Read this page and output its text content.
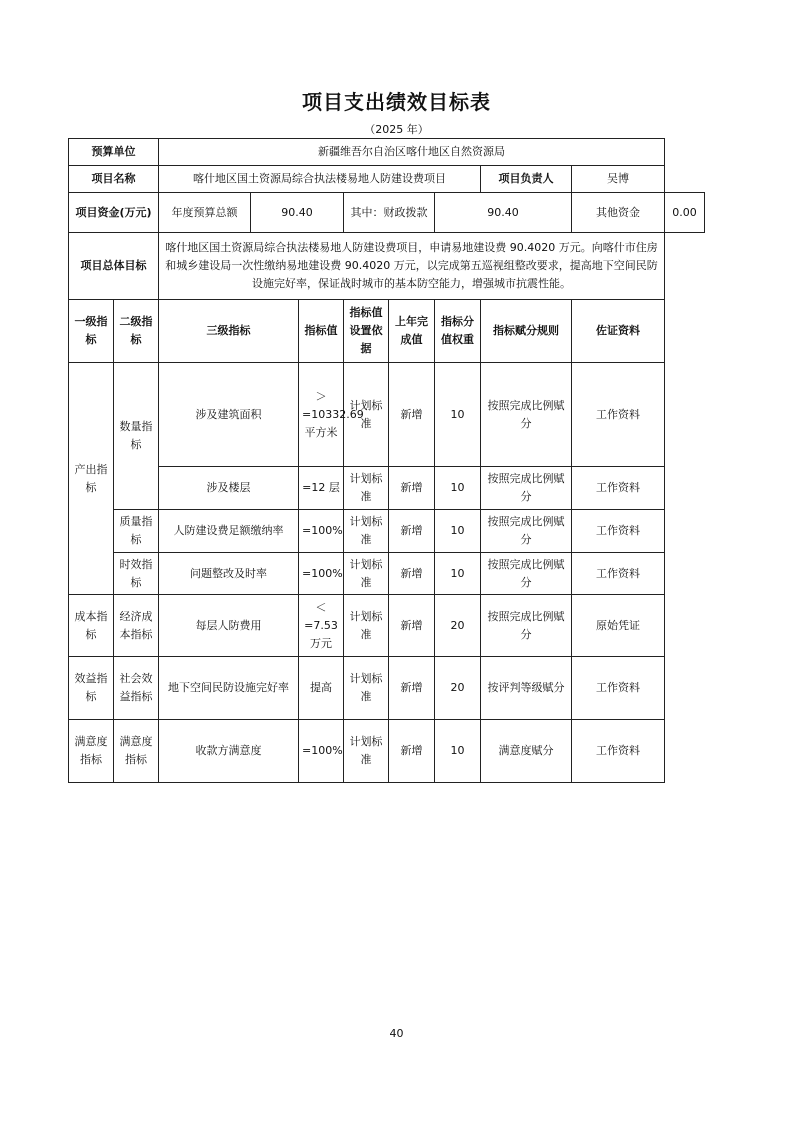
项目支出绩效目标表
（2025 年）
预算单位		新疆维吾尔自治区喀什地区自然资源局								
项目名称		喀什地区国土资源局综合执法楼易地人防建设费项目						项目负责人	吴博	
项目资金(万元)		年度预算总额	90.40		其中：财政拨款		90.40		其他资金	0.00
项目总体目标		喀什地区国土资源局综合执法楼易地人防建设费项目，申请易地建设费 90.4020 万元。向喀什市住房和城乡建设局一次性缴纳易地建设费 90.4020 万元，以完成第五巡视组整改要求，提高地下空间民防设施完好率，保证战时城市的基本防空能力，增强城市抗震性能。								
一级指标	二级指标	三级指标		指标值	指标值设置依据	上年完成值	指标分值权重	指标赋分规则	佐证资料	
产出指标	数量指标	涉及建筑面积		＞=10332.69平方米	计划标准	新增	10	按照完成比例赋分	工作资料	
		涉及楼层		=12 层	计划标准	新增	10	按照完成比例赋分	工作资料	
	质量指标	人防建设费足额缴纳率		=100%	计划标准	新增	10	按照完成比例赋分	工作资料	
	时效指标	问题整改及时率		=100%	计划标准	新增	10	按照完成比例赋分	工作资料	
成本指标	经济成本指标	每层人防费用		＜=7.53万元	计划标准	新增	20	按照完成比例赋分	原始凭证	
效益指标	社会效益指标	地下空间民防设施完好率		提高	计划标准	新增	20	按评判等级赋分	工作资料	
满意度指标	满意度指标	收款方满意度		=100%	计划标准	新增	10	满意度赋分	工作资料	
40
